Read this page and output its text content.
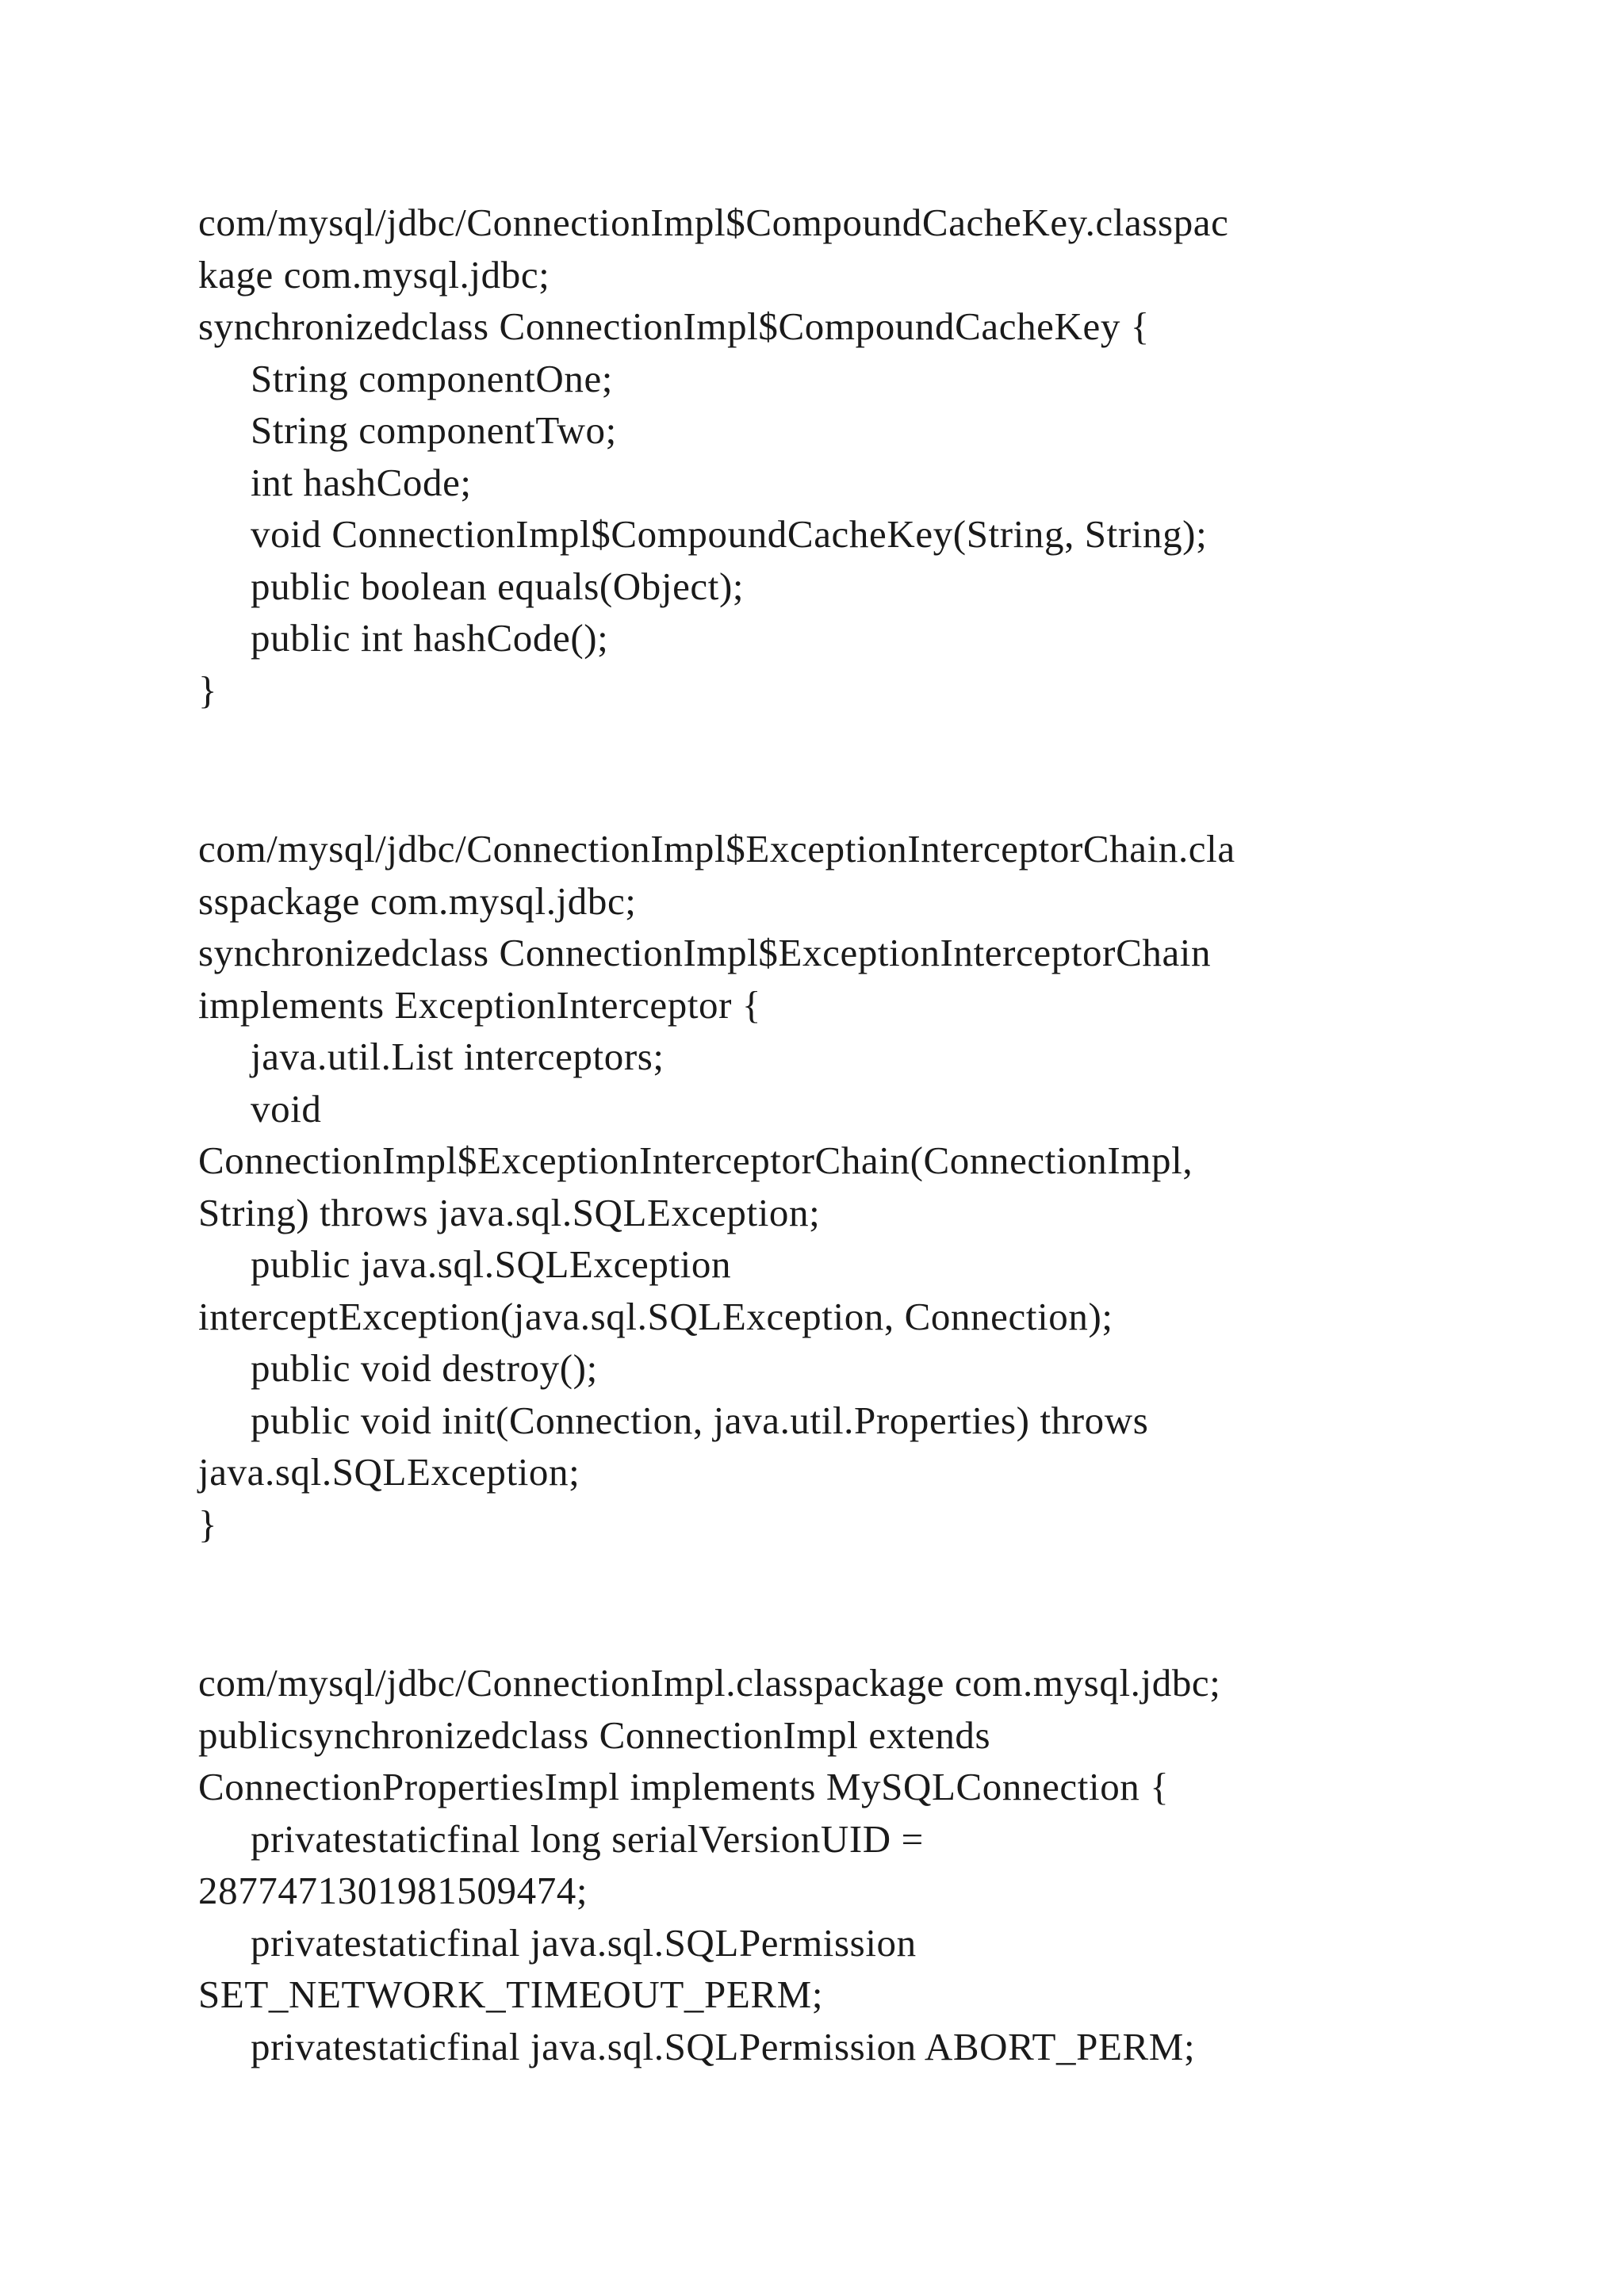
com/mysql/jdbc/ConnectionImpl$CompoundCacheKey.classpac
kage com.mysql.jdbc;
synchronizedclass ConnectionImpl$CompoundCacheKey {
String componentOne;
String componentTwo;
int hashCode;
void ConnectionImpl$CompoundCacheKey(String, String);
public boolean equals(Object);
public int hashCode();
}
com/mysql/jdbc/ConnectionImpl$ExceptionInterceptorChain.cla
sspackage com.mysql.jdbc;
synchronizedclass ConnectionImpl$ExceptionInterceptorChain
implements ExceptionInterceptor {
java.util.List interceptors;
void
ConnectionImpl$ExceptionInterceptorChain(ConnectionImpl,
String) throws java.sql.SQLException;
public java.sql.SQLException
interceptException(java.sql.SQLException, Connection);
public void destroy();
public void init(Connection, java.util.Properties) throws
java.sql.SQLException;
}
com/mysql/jdbc/ConnectionImpl.classpackage com.mysql.jdbc;
publicsynchronizedclass ConnectionImpl extends
ConnectionPropertiesImpl implements MySQLConnection {
privatestaticfinal long serialVersionUID =
2877471301981509474;
privatestaticfinal java.sql.SQLPermission
SET_NETWORK_TIMEOUT_PERM;
privatestaticfinal java.sql.SQLPermission ABORT_PERM;
